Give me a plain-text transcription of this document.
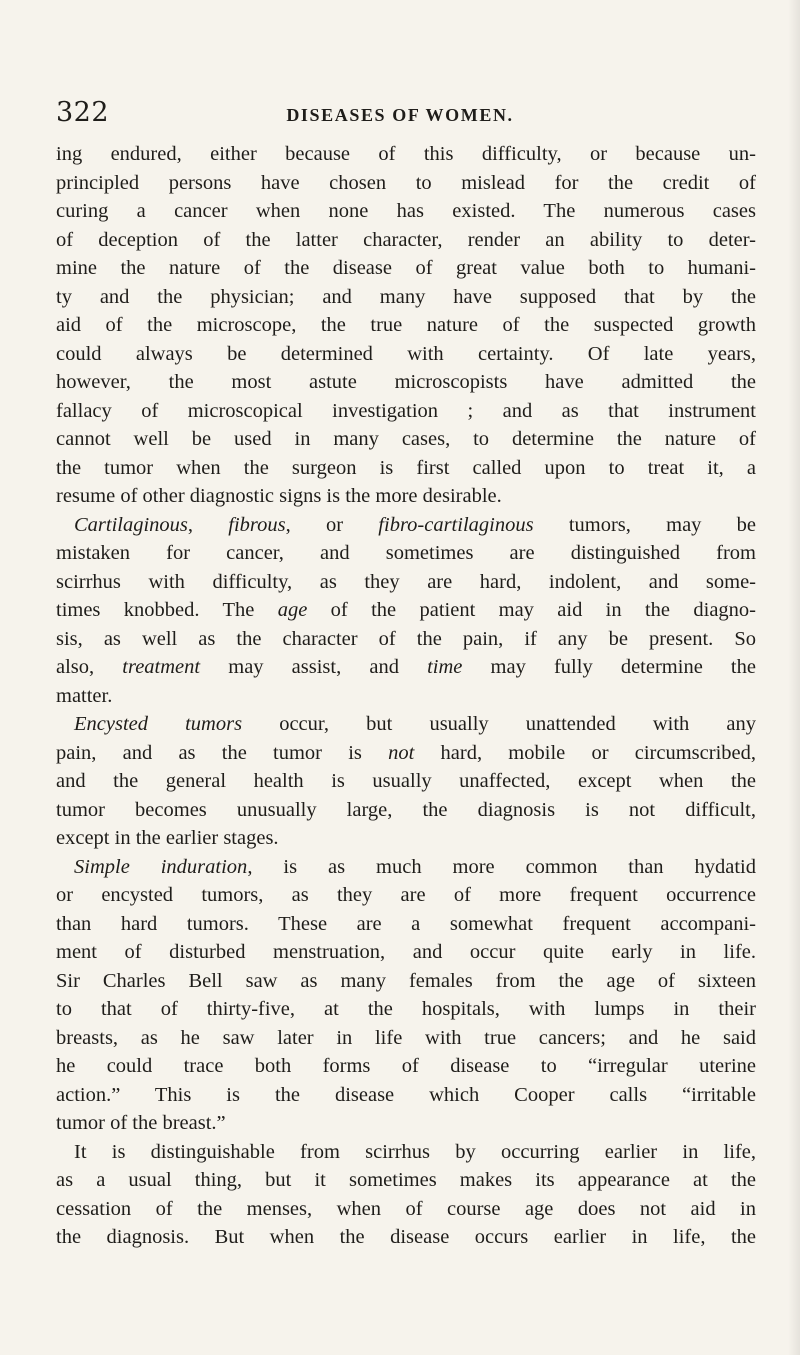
322	DISEASES OF WOMEN.
ing endured, either because of this difficulty, or because un-
principled persons have chosen to mislead for the credit of
curing a cancer when none has existed. The numerous cases
of deception of the latter character, render an ability to deter-
mine the nature of the disease of great value both to humani-
ty and the physician; and many have supposed that by the
aid of the microscope, the true nature of the suspected growth
could always be determined with certainty. Of late years,
however, the most astute microscopists have admitted the
fallacy of microscopical investigation ; and as that instrument
cannot well be used in many cases, to determine the nature of
the tumor when the surgeon is first called upon to treat it, a
resume of other diagnostic signs is the more desirable.
Cartilaginous, fibrous, or fibro-cartilaginous tumors, may be
mistaken for cancer, and sometimes are distinguished from
scirrhus with difficulty, as they are hard, indolent, and some-
times knobbed. The age of the patient may aid in the diagno-
sis, as well as the character of the pain, if any be present. So
also, treatment may assist, and time may fully determine the
matter.
Encysted tumors occur, but usually unattended with any
pain, and as the tumor is not hard, mobile or circumscribed,
and the general health is usually unaffected, except when the
tumor becomes unusually large, the diagnosis is not difficult,
except in the earlier stages.
Simple induration, is as much more common than hydatid
or encysted tumors, as they are of more frequent occurrence
than hard tumors. These are a somewhat frequent accompani-
ment of disturbed menstruation, and occur quite early in life.
Sir Charles Bell saw as many females from the age of sixteen
to that of thirty-five, at the hospitals, with lumps in their
breasts, as he saw later in life with true cancers; and he said
he could trace both forms of disease to “irregular uterine
action.” This is the disease which Cooper calls “irritable
tumor of the breast.”
It is distinguishable from scirrhus by occurring earlier in life,
as a usual thing, but it sometimes makes its appearance at the
cessation of the menses, when of course age does not aid in
the diagnosis. But when the disease occurs earlier in life, the
